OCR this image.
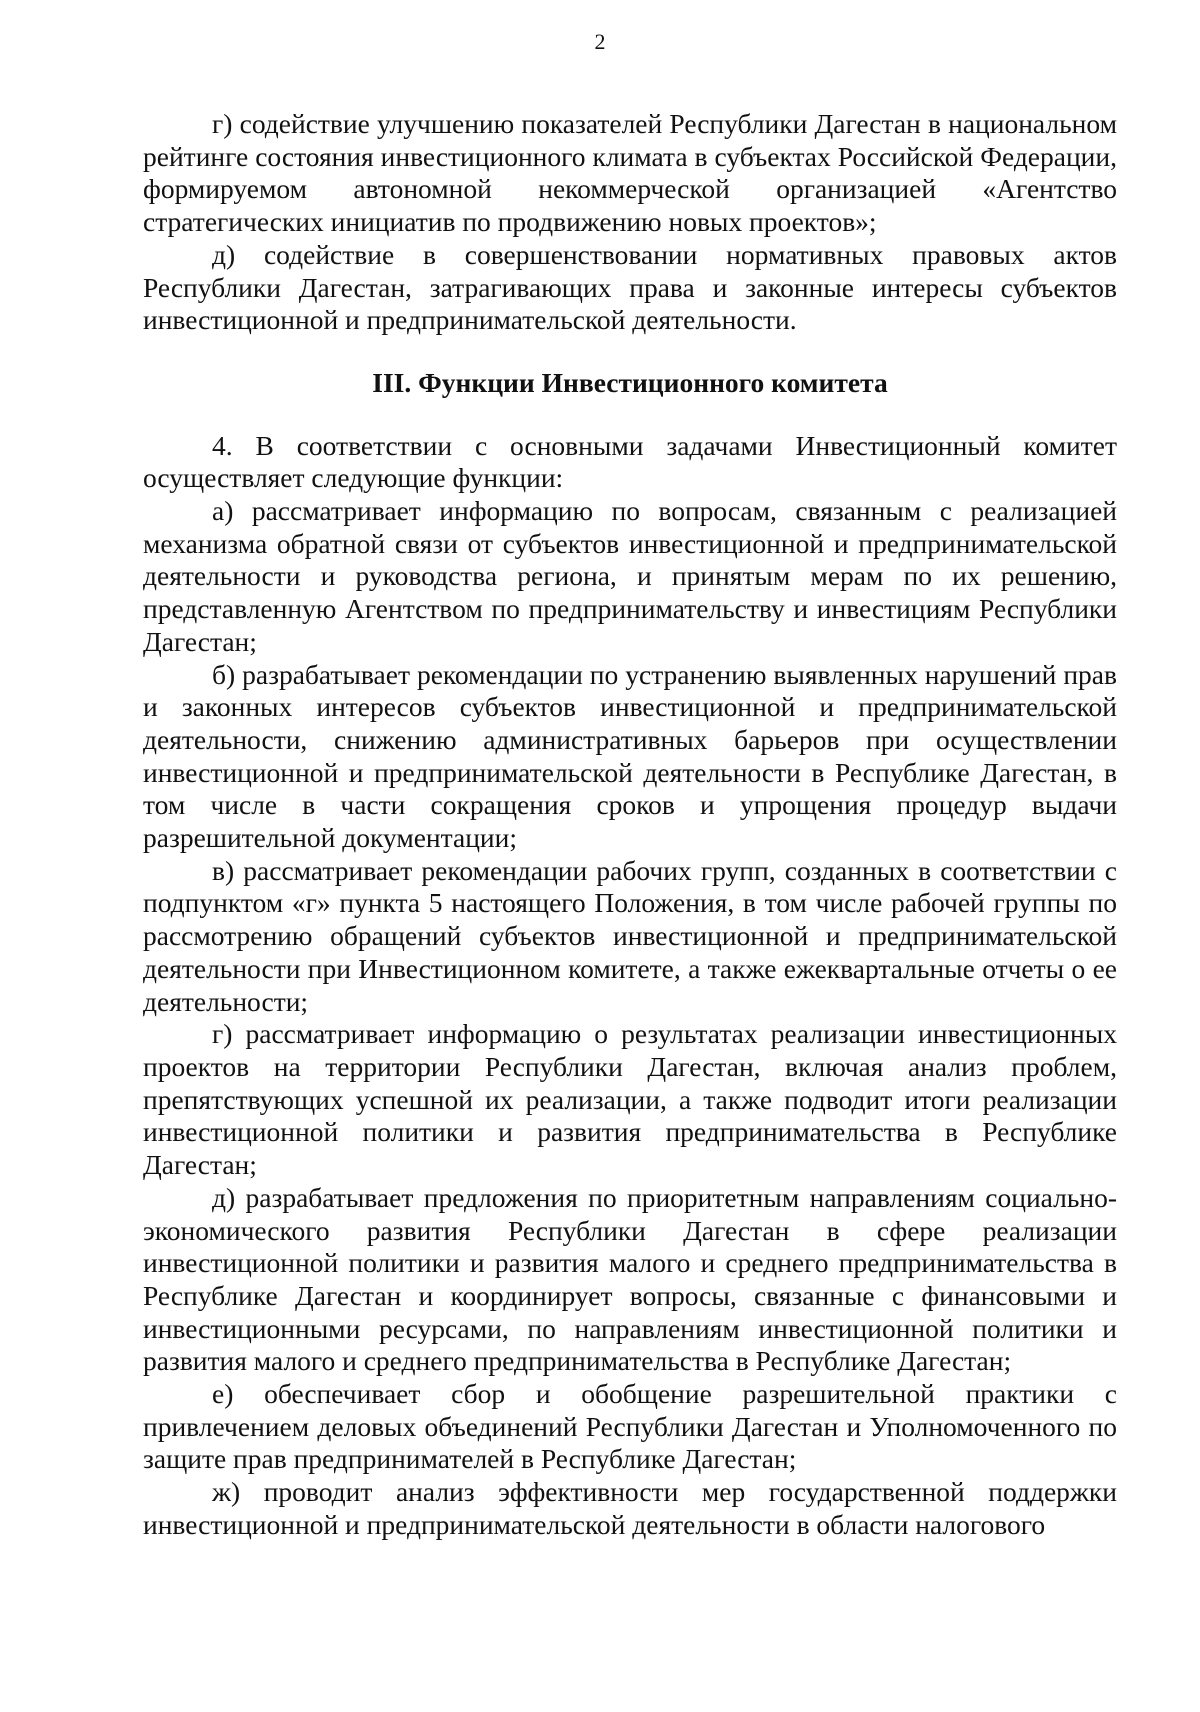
2

г) содействие улучшению показателей Республики Дагестан в национальном рейтинге состояния инвестиционного климата в субъектах Российской Федерации, формируемом автономной некоммерческой организацией «Агентство стратегических инициатив по продвижению новых проектов»;

д) содействие в совершенствовании нормативных правовых актов Республики Дагестан, затрагивающих права и законные интересы субъектов инвестиционной и предпринимательской деятельности.

III. Функции Инвестиционного комитета

4. В соответствии с основными задачами Инвестиционный комитет осуществляет следующие функции:

а) рассматривает информацию по вопросам, связанным с реализацией механизма обратной связи от субъектов инвестиционной и предпринимательской деятельности и руководства региона, и принятым мерам по их решению, представленную Агентством по предпринимательству и инвестициям Республики Дагестан;

б) разрабатывает рекомендации по устранению выявленных нарушений прав и законных интересов субъектов инвестиционной и предпринимательской деятельности, снижению административных барьеров при осуществлении инвестиционной и предпринимательской деятельности в Республике Дагестан, в том числе в части сокращения сроков и упрощения процедур выдачи разрешительной документации;

в) рассматривает рекомендации рабочих групп, созданных в соответствии с подпунктом «г» пункта 5 настоящего Положения, в том числе рабочей группы по рассмотрению обращений субъектов инвестиционной и предпринимательской деятельности при Инвестиционном комитете, а также ежеквартальные отчеты о ее деятельности;

г) рассматривает информацию о результатах реализации инвестиционных проектов на территории Республики Дагестан, включая анализ проблем, препятствующих успешной их реализации, а также подводит итоги реализации инвестиционной политики и развития предпринимательства в Республике Дагестан;

д) разрабатывает предложения по приоритетным направлениям социально-экономического развития Республики Дагестан в сфере реализации инвестиционной политики и развития малого и среднего предпринимательства в Республике Дагестан и координирует вопросы, связанные с финансовыми и инвестиционными ресурсами, по направлениям инвестиционной политики и развития малого и среднего предпринимательства в Республике Дагестан;

е) обеспечивает сбор и обобщение разрешительной практики с привлечением деловых объединений Республики Дагестан и Уполномоченного по защите прав предпринимателей в Республике Дагестан;

ж) проводит анализ эффективности мер государственной поддержки инвестиционной и предпринимательской деятельности в области налогового
